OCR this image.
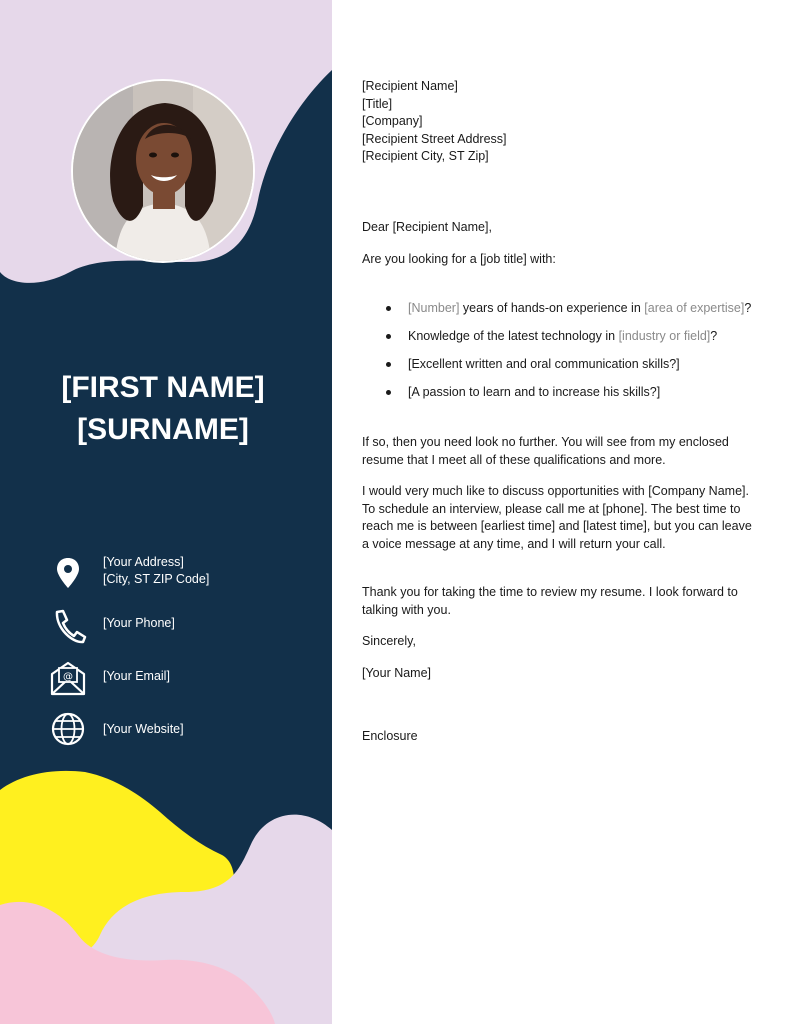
[FIRST NAME]
[SURNAME]
[Your Address]
[City, ST ZIP Code]
[Your Phone]
@ [Your Email]
[Your Website]
[Recipient Name]
[Title]
[Company]
[Recipient Street Address]
[Recipient City, ST Zip]

Dear [Recipient Name],

Are you looking for a [job title] with:

[Number] years of hands-on experience in [area of expertise]?
Knowledge of the latest technology in [industry or field]?
[Excellent written and oral communication skills?]
[A passion to learn and to increase his skills?]

If so, then you need look no further. You will see from my enclosed resume that I meet all of these qualifications and more.

I would very much like to discuss opportunities with [Company Name]. To schedule an interview, please call me at [phone]. The best time to reach me is between [earliest time] and [latest time], but you can leave a voice message at any time, and I will return your call.

Thank you for taking the time to review my resume. I look forward to talking with you.

Sincerely,

[Your Name]

Enclosure
